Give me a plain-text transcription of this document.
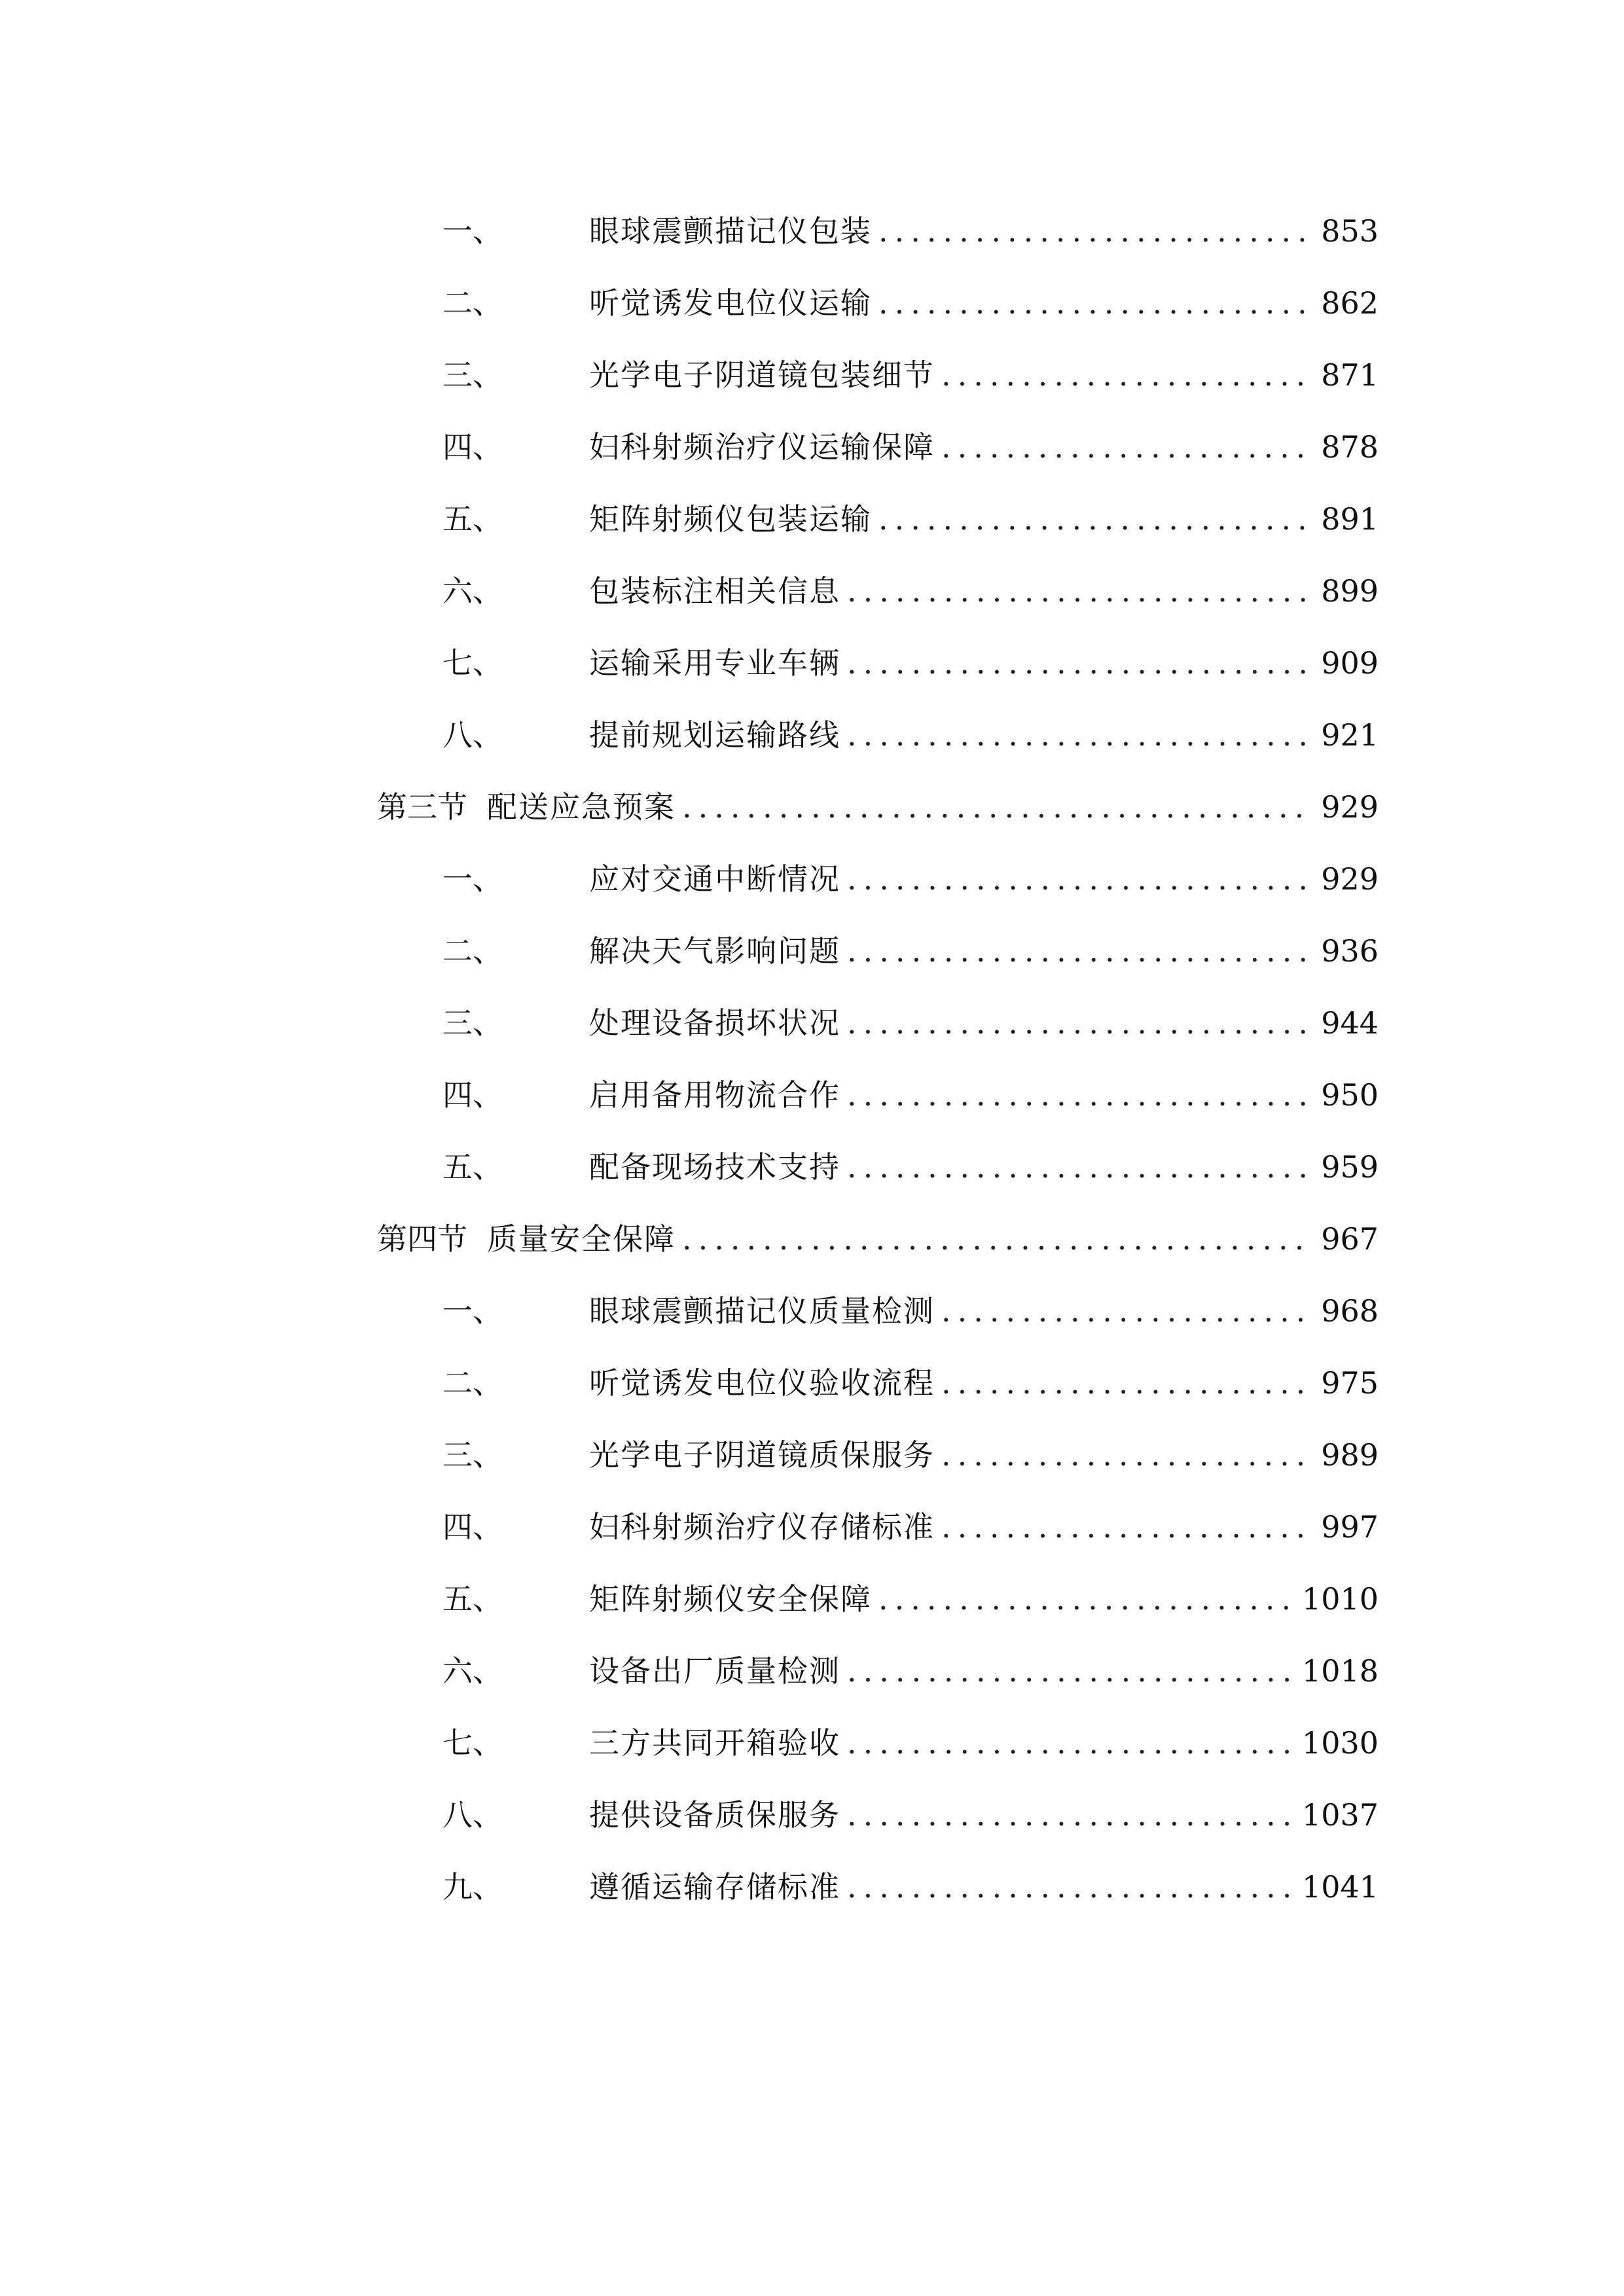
一、	眼球震颤描记仪包装 .....	853
二、	听觉诱发电位仪运输 .....	862
三、	光学电子阴道镜包装细节 .....	871
四、	妇科射频治疗仪运输保障 .....	878
五、	矩阵射频仪包装运输 .....	891
六、	包装标注相关信息 .....	899
七、	运输采用专业车辆 .....	909
八、	提前规划运输路线 .....	921
第三节 配送应急预案 .....	929
一、	应对交通中断情况 .....	929
二、	解决天气影响问题 .....	936
三、	处理设备损坏状况 .....	944
四、	启用备用物流合作 .....	950
五、	配备现场技术支持 .....	959
第四节 质量安全保障 .....	967
一、	眼球震颤描记仪质量检测 .....	968
二、	听觉诱发电位仪验收流程 .....	975
三、	光学电子阴道镜质保服务 .....	989
四、	妇科射频治疗仪存储标准 .....	997
五、	矩阵射频仪安全保障 .....	1010
六、	设备出厂质量检测 .....	1018
七、	三方共同开箱验收 .....	1030
八、	提供设备质保服务 .....	1037
九、	遵循运输存储标准 .....	1041
